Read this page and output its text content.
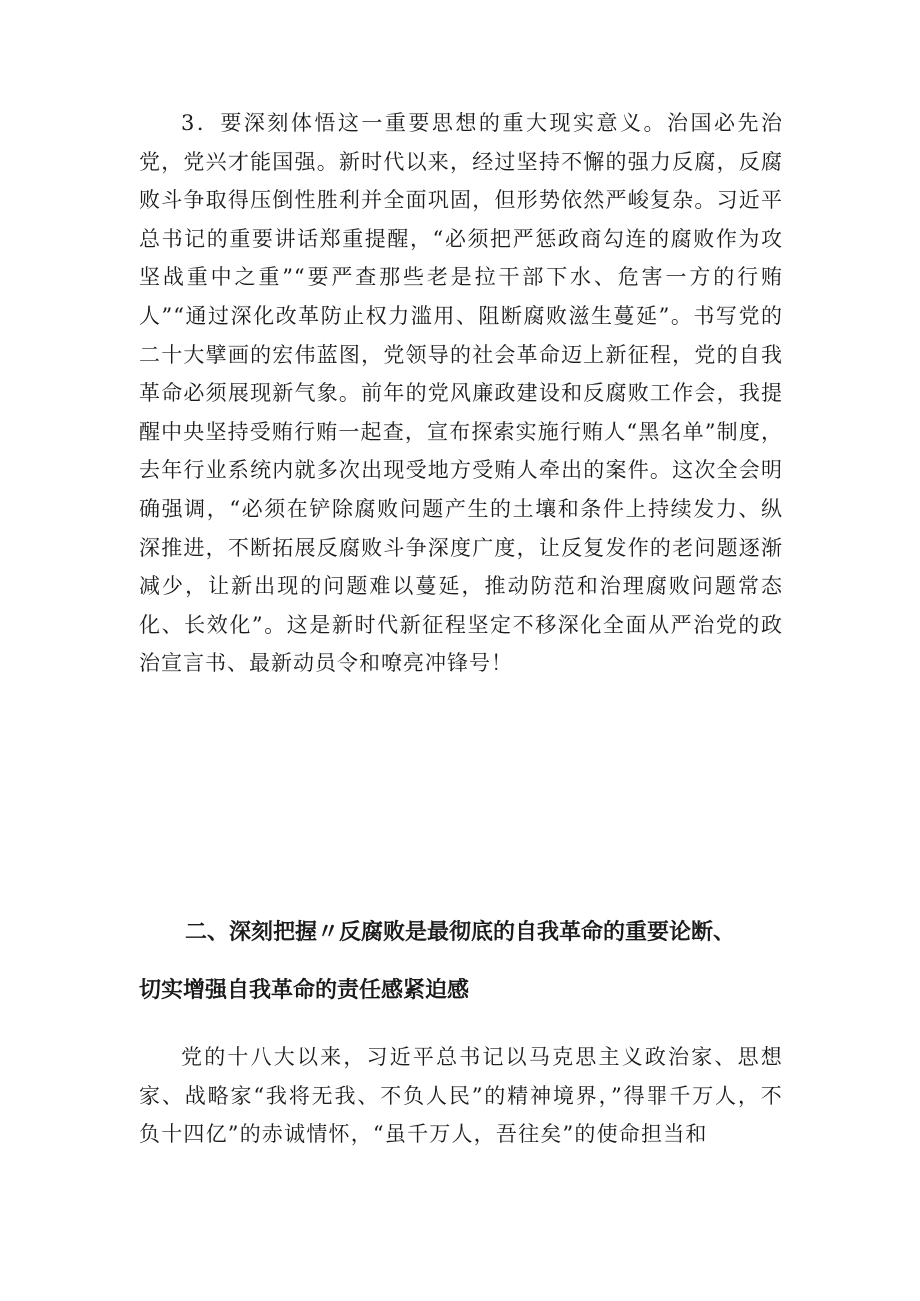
3．要深刻体悟这一重要思想的重大现实意义。治国必先治党，党兴才能国强。新时代以来，经过坚持不懈的强力反腐，反腐败斗争取得压倒性胜利并全面巩固，但形势依然严峻复杂。习近平总书记的重要讲话郑重提醒，“必须把严惩政商勾连的腐败作为攻坚战重中之重”“要严查那些老是拉干部下水、危害一方的行贿人”“通过深化改革防止权力滥用、阻断腐败滋生蔓延”。书写党的二十大擘画的宏伟蓝图，党领导的社会革命迈上新征程，党的自我革命必须展现新气象。前年的党风廉政建设和反腐败工作会，我提醒中央坚持受贿行贿一起查，宣布探索实施行贿人“黑名单”制度，去年行业系统内就多次出现受地方受贿人牵出的案件。这次全会明确强调，“必须在铲除腐败问题产生的土壤和条件上持续发力、纵深推进，不断拓展反腐败斗争深度广度，让反复发作的老问题逐渐减少，让新出现的问题难以蔓延，推动防范和治理腐败问题常态化、长效化”。这是新时代新征程坚定不移深化全面从严治党的政治宣言书、最新动员令和嘹亮冲锋号！

二、深刻把握〃反腐败是最彻底的自我革命的重要论断、
切实增强自我革命的责任感紧迫感

党的十八大以来，习近平总书记以马克思主义政治家、思想家、战略家“我将无我、不负人民”的精神境界，”得罪千万人，不负十四亿”的赤诚情怀，“虽千万人，吾往矣”的使命担当和
